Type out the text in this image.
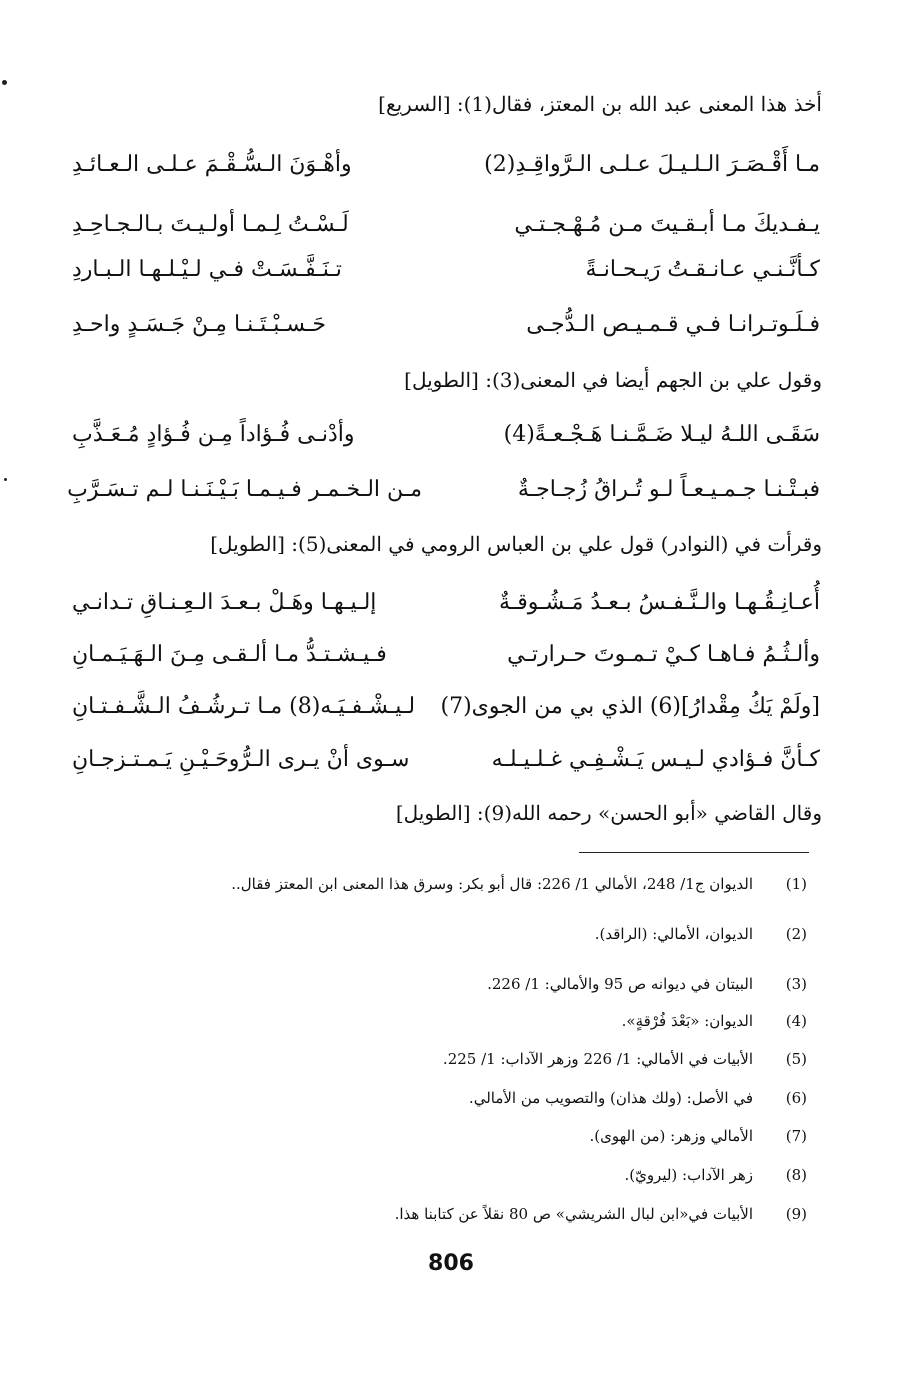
أخذ هذا المعنى عبد الله بن المعتز، فقال(1): [السريع]
مـا أَقْـصَـرَ الـلـيـلَ عـلـى الـرَّواقِـدِ(2)
وأهْـوَنَ الـسُّـقْـمَ عـلـى الـعـائـدِ
يـفـديكَ مـا أبـقـيتَ مـن مُـهْـجـتـي
لَـسْـتُ لِـمـا أولـيـتَ بـالـجـاحِـدِ
كـأنَّـنـي عـانـقـتُ رَيـحـانـةً
تـنَـفَّـسَـتْ فـي لـيْـلـهـا الـبـاردِ
فـلَـوتـرانـا فـي قـمـيـص الـدُّجـى
حَـسـبْـتَـنـا مِـنْ جَـسَـدٍ واحـدِ
وقول علي بن الجهم أيضا في المعنى(3): [الطويل]
سَقَـى اللـهُ ليـلا ضَـمَّـنـا هَـجْـعـةً(4)
وأدْنـى فُـؤاداً مِـن فُـؤادٍ مُـعَـذَّبِ
فبـتْـنـا جـمـيـعـاً لـو تُـراقُ زُجـاجـةٌ
مـن الـخـمـر فـيـمـا بَـيْـنَـنـا لـم تـسَـرَّبِ
وقرأت في (النوادر) قول علي بن العباس الرومي في المعنى(5): [الطويل]
أُعـانِـقُـهـا والـنَّـفـسُ بـعـدُ مَـشُـوقـةٌ
إلـيـهـا وهَـلْ بـعـدَ الـعِـنـاقِ تـدانـي
وألـثُـمُ فـاهـا كـيْ تـمـوتَ حـرارتـي
فـيـشـتـدُّ مـا ألـقـى مِـنَ الـهَـيَـمـانِ
[ولَمْ يَكُ مِقْدارُ](6) الذي بي من الجوى(7)
لـيـشْـفـيَـه(8) مـا تـرشُـفُ الـشَّـفـتـانِ
كـأنَّ فـؤادي لـيـس يَـشْـفِـي غـلـيـلـه
سـوى أنْ يـرى الـرُّوحَـيْـنِ يَـمـتـزجـانِ
وقال القاضي «أبو الحسن» رحمه الله(9): [الطويل]
(1)
الديوان ج1/ 248، الأمالي 1/ 226: قال أبو بكر: وسرق هذا المعنى ابن المعتز فقال..
(2)
الديوان، الأمالي: (الراقد).
(3)
البيتان في ديوانه ص 95 والأمالي: 1/ 226.
(4)
الديوان: «بَعْدَ فُرْقةٍ».
(5)
الأبيات في الأمالي: 1/ 226 وزهر الآداب: 1/ 225.
(6)
في الأصل: (ولك هذان) والتصويب من الأمالي.
(7)
الأمالي وزهر: (من الهوى).
(8)
زهر الآداب: (ليرويّ).
(9)
الأبيات في«ابن لبال الشريشي» ص 80 نقلاً عن كتابنا هذا.
806
